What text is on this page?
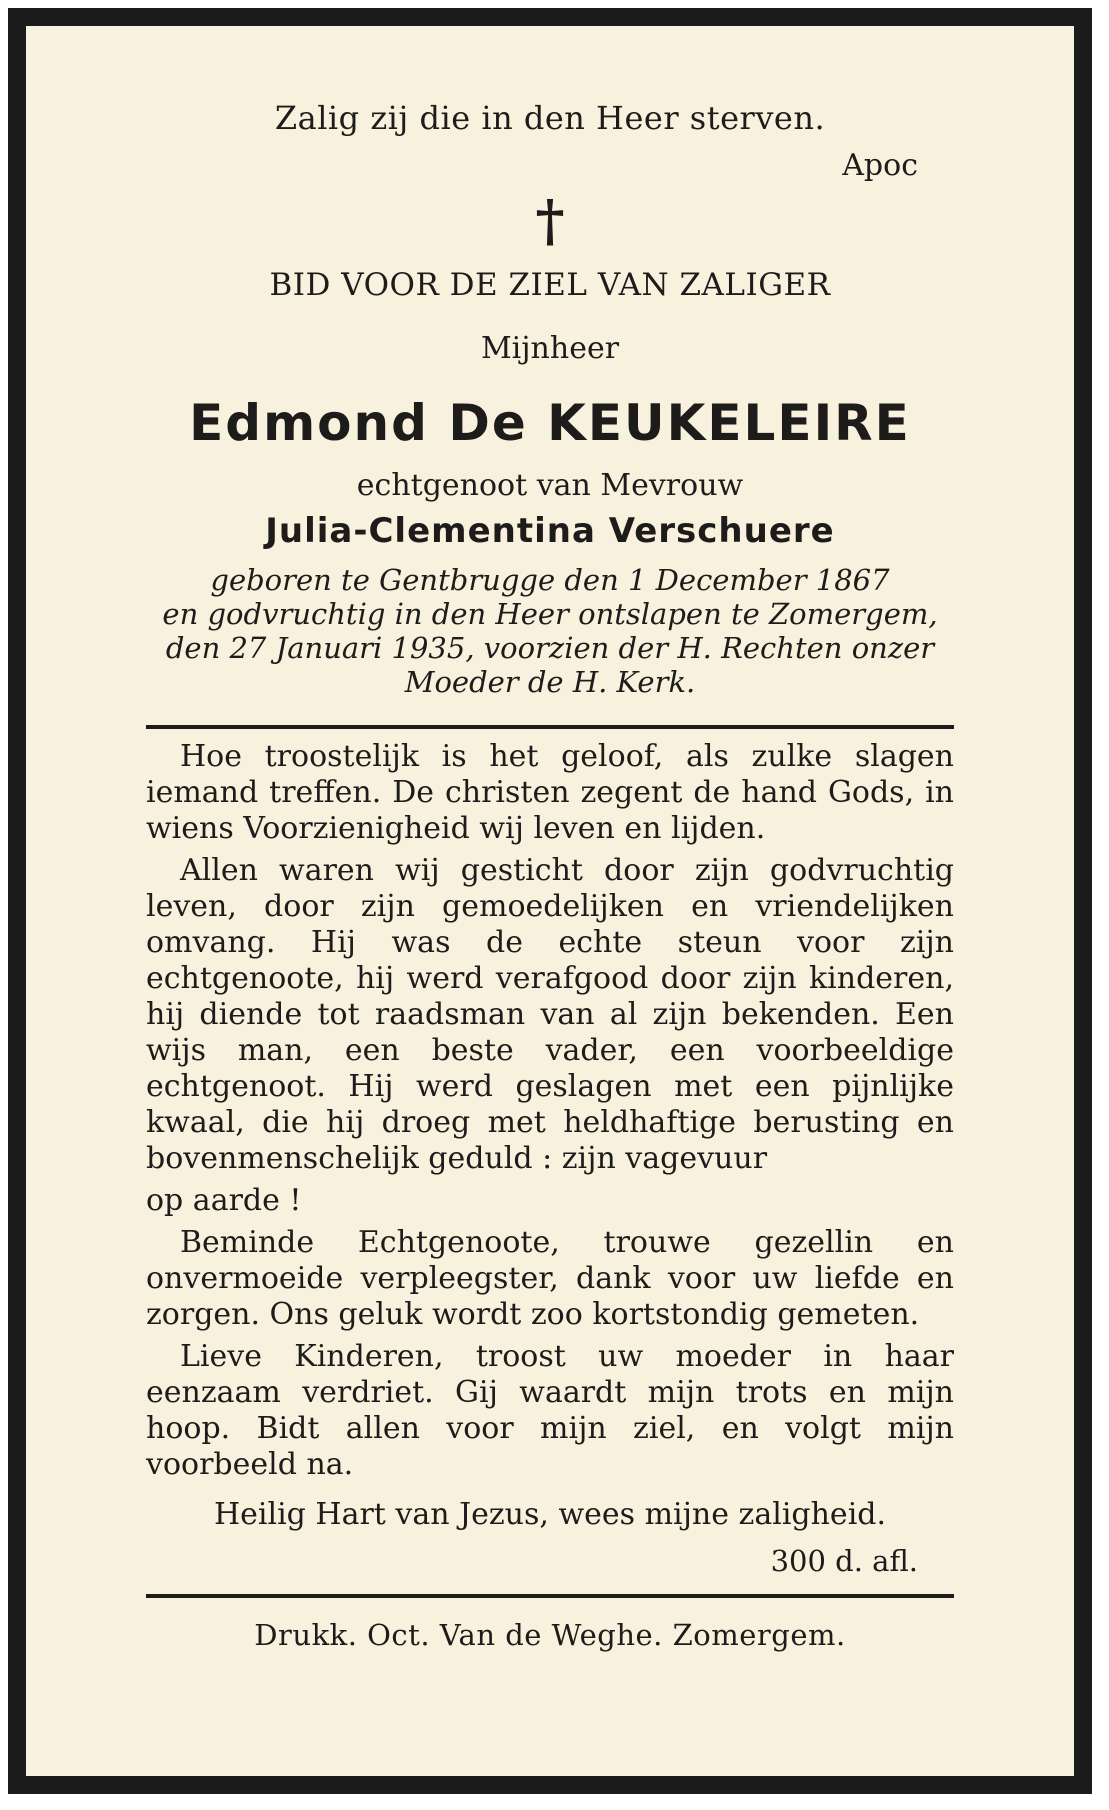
Zalig zij die in den Heer sterven.
Apoc
†
BID VOOR DE ZIEL VAN ZALIGER
Mijnheer
Edmond De KEUKELEIRE
echtgenoot van Mevrouw
Julia-Clementina Verschuere
geboren te Gentbrugge den 1 December 1867
en godvruchtig in den Heer ontslapen te Zomergem,
den 27 Januari 1935, voorzien der H. Rechten onzer
Moeder de H. Kerk.

Hoe troostelijk is het geloof, als zulke slagen iemand treffen. De christen zegent de hand Gods, in wiens Voorzienigheid wij leven en lijden.

Allen waren wij gesticht door zijn godvruchtig leven, door zijn gemoedelijken en vriendelijken omvang. Hij was de echte steun voor zijn echtgenoote, hij werd verafgood door zijn kinderen, hij diende tot raadsman van al zijn bekenden. Een wijs man, een beste vader, een voorbeeldige echtgenoot. Hij werd geslagen met een pijnlijke kwaal, die hij droeg met heldhaftige berusting en bovenmenschelijk geduld : zijn vagevuur

op aarde !

Beminde Echtgenoote, trouwe gezellin en onvermoeide verpleegster, dank voor uw liefde en zorgen. Ons geluk wordt zoo kortstondig gemeten.

Lieve Kinderen, troost uw moeder in haar eenzaam verdriet. Gij waardt mijn trots en mijn hoop. Bidt allen voor mijn ziel, en volgt mijn voorbeeld na.

Heilig Hart van Jezus, wees mijne zaligheid.
300 d. afl.
Drukk. Oct. Van de Weghe. Zomergem.
